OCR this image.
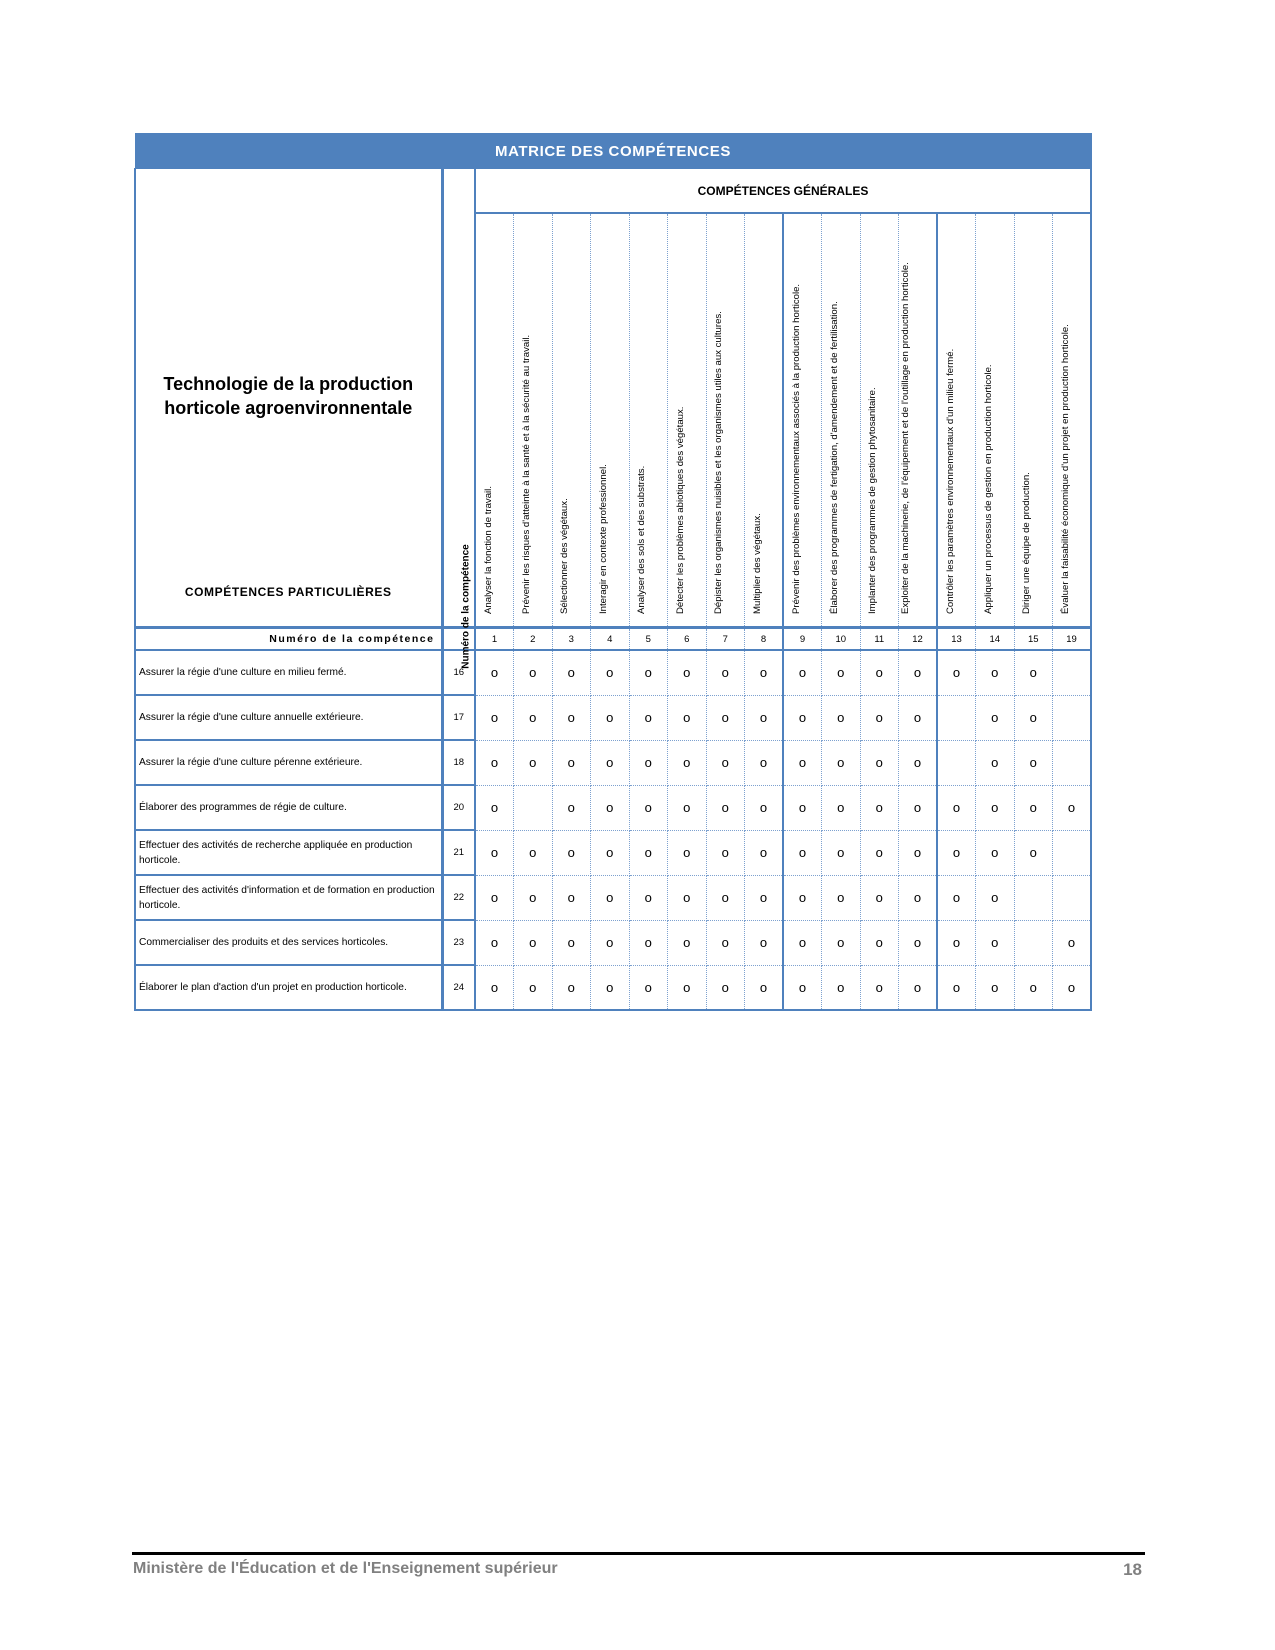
MATRICE DES COMPÉTENCES																	

Technologie de la production horticole agroenvironnentale
COMPÉTENCES PARTICULIÈRES	Numéro de la compétence	COMPÉTENCES GÉNÉRALES															

		Analyser la fonction de travail.	Prévenir les risques d'atteinte à la santé et à la sécurité au travail.	Sélectionner des végétaux.	Interagir en contexte professionnel.	Analyser des sols et des substrats.	Détecter les problèmes abiotiques des végétaux.	Dépister les organismes nuisibles et les organismes utiles aux cultures.	Multiplier des végétaux.	Prévenir des problèmes environnementaux associés à la production horticole.	Élaborer des programmes de fertigation, d'amendement et de fertilisation.	Implanter des programmes de gestion phytosanitaire.	Exploiter de la machinerie, de l'équipement et de l'outillage en production horticole.	Contrôler les paramètres environnementaux d'un milieu fermé.	Appliquer un processus de gestion en production horticole.	Diriger une équipe de production.	Évaluer la faisabilité économique d'un projet en production horticole.

Numéro de la compétence		1	2	3	4	5	6	7	8	9	10	11	12	13	14	15	19
Assurer la régie d'une culture en milieu fermé.	16	o	o	o	o	o	o	o	o	o	o	o	o	o	o	o	
Assurer la régie d'une culture annuelle extérieure.	17	o	o	o	o	o	o	o	o	o	o	o	o		o	o	
Assurer la régie d'une culture pérenne extérieure.	18	o	o	o	o	o	o	o	o	o	o	o	o		o	o	
Élaborer des programmes de régie de culture.	20	o		o	o	o	o	o	o	o	o	o	o	o	o	o	o
Effectuer des activités de recherche appliquée en production horticole.	21	o	o	o	o	o	o	o	o	o	o	o	o	o	o	o	
Effectuer des activités d'information et de formation en production horticole.	22	o	o	o	o	o	o	o	o	o	o	o	o	o	o		
Commercialiser des produits et des services horticoles.	23	o	o	o	o	o	o	o	o	o	o	o	o	o	o		o
Élaborer le plan d'action d'un projet en production horticole.	24	o	o	o	o	o	o	o	o	o	o	o	o	o	o	o	o
Ministère de l'Éducation et de l'Enseignement supérieur	18
